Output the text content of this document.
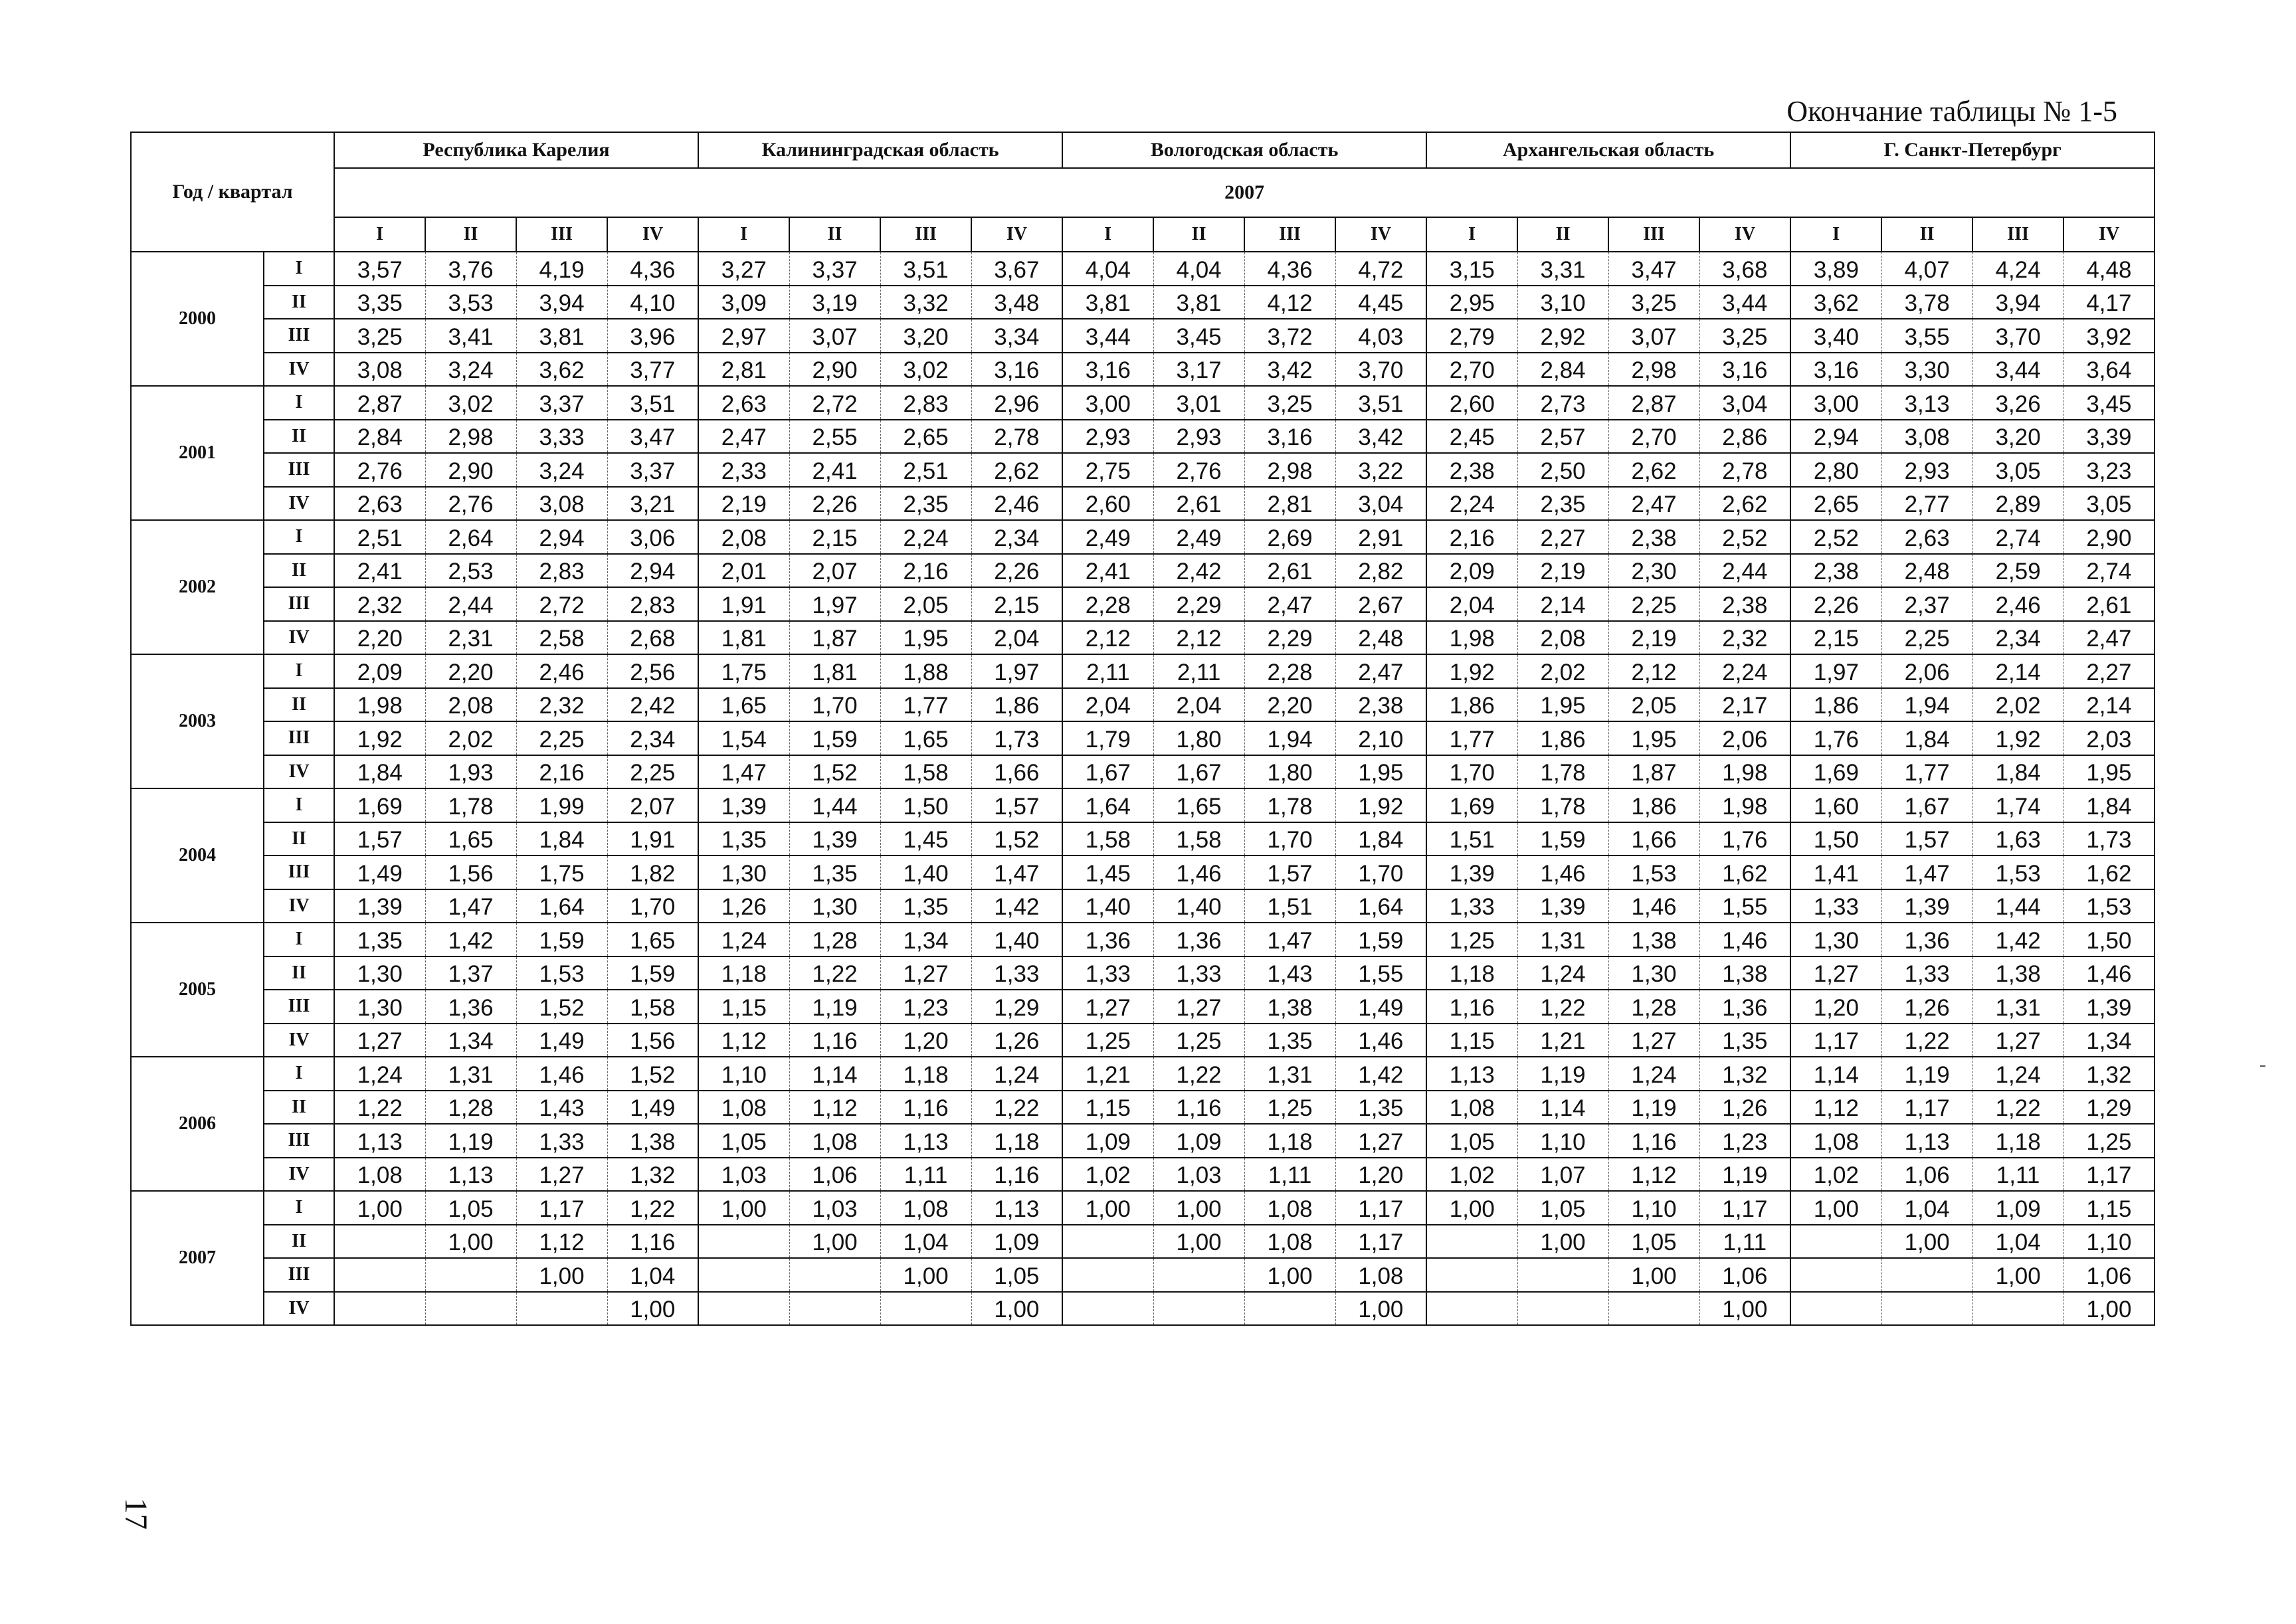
Окончание таблицы № 1-5
Год / квартал		Республика Карелия				Калининградская область				Вологодская область				Архангельская область				Г. Санкт-Петербург			
		2007																			
		I	II	III	IV	I	II	III	IV	I	II	III	IV	I	II	III	IV	I	II	III	IV
2000	I	3,57	3,76	4,19	4,36	3,27	3,37	3,51	3,67	4,04	4,04	4,36	4,72	3,15	3,31	3,47	3,68	3,89	4,07	4,24	4,48
	II	3,35	3,53	3,94	4,10	3,09	3,19	3,32	3,48	3,81	3,81	4,12	4,45	2,95	3,10	3,25	3,44	3,62	3,78	3,94	4,17
	III	3,25	3,41	3,81	3,96	2,97	3,07	3,20	3,34	3,44	3,45	3,72	4,03	2,79	2,92	3,07	3,25	3,40	3,55	3,70	3,92
	IV	3,08	3,24	3,62	3,77	2,81	2,90	3,02	3,16	3,16	3,17	3,42	3,70	2,70	2,84	2,98	3,16	3,16	3,30	3,44	3,64
2001	I	2,87	3,02	3,37	3,51	2,63	2,72	2,83	2,96	3,00	3,01	3,25	3,51	2,60	2,73	2,87	3,04	3,00	3,13	3,26	3,45
	II	2,84	2,98	3,33	3,47	2,47	2,55	2,65	2,78	2,93	2,93	3,16	3,42	2,45	2,57	2,70	2,86	2,94	3,08	3,20	3,39
	III	2,76	2,90	3,24	3,37	2,33	2,41	2,51	2,62	2,75	2,76	2,98	3,22	2,38	2,50	2,62	2,78	2,80	2,93	3,05	3,23
	IV	2,63	2,76	3,08	3,21	2,19	2,26	2,35	2,46	2,60	2,61	2,81	3,04	2,24	2,35	2,47	2,62	2,65	2,77	2,89	3,05
2002	I	2,51	2,64	2,94	3,06	2,08	2,15	2,24	2,34	2,49	2,49	2,69	2,91	2,16	2,27	2,38	2,52	2,52	2,63	2,74	2,90
	II	2,41	2,53	2,83	2,94	2,01	2,07	2,16	2,26	2,41	2,42	2,61	2,82	2,09	2,19	2,30	2,44	2,38	2,48	2,59	2,74
	III	2,32	2,44	2,72	2,83	1,91	1,97	2,05	2,15	2,28	2,29	2,47	2,67	2,04	2,14	2,25	2,38	2,26	2,37	2,46	2,61
	IV	2,20	2,31	2,58	2,68	1,81	1,87	1,95	2,04	2,12	2,12	2,29	2,48	1,98	2,08	2,19	2,32	2,15	2,25	2,34	2,47
2003	I	2,09	2,20	2,46	2,56	1,75	1,81	1,88	1,97	2,11	2,11	2,28	2,47	1,92	2,02	2,12	2,24	1,97	2,06	2,14	2,27
	II	1,98	2,08	2,32	2,42	1,65	1,70	1,77	1,86	2,04	2,04	2,20	2,38	1,86	1,95	2,05	2,17	1,86	1,94	2,02	2,14
	III	1,92	2,02	2,25	2,34	1,54	1,59	1,65	1,73	1,79	1,80	1,94	2,10	1,77	1,86	1,95	2,06	1,76	1,84	1,92	2,03
	IV	1,84	1,93	2,16	2,25	1,47	1,52	1,58	1,66	1,67	1,67	1,80	1,95	1,70	1,78	1,87	1,98	1,69	1,77	1,84	1,95
2004	I	1,69	1,78	1,99	2,07	1,39	1,44	1,50	1,57	1,64	1,65	1,78	1,92	1,69	1,78	1,86	1,98	1,60	1,67	1,74	1,84
	II	1,57	1,65	1,84	1,91	1,35	1,39	1,45	1,52	1,58	1,58	1,70	1,84	1,51	1,59	1,66	1,76	1,50	1,57	1,63	1,73
	III	1,49	1,56	1,75	1,82	1,30	1,35	1,40	1,47	1,45	1,46	1,57	1,70	1,39	1,46	1,53	1,62	1,41	1,47	1,53	1,62
	IV	1,39	1,47	1,64	1,70	1,26	1,30	1,35	1,42	1,40	1,40	1,51	1,64	1,33	1,39	1,46	1,55	1,33	1,39	1,44	1,53
2005	I	1,35	1,42	1,59	1,65	1,24	1,28	1,34	1,40	1,36	1,36	1,47	1,59	1,25	1,31	1,38	1,46	1,30	1,36	1,42	1,50
	II	1,30	1,37	1,53	1,59	1,18	1,22	1,27	1,33	1,33	1,33	1,43	1,55	1,18	1,24	1,30	1,38	1,27	1,33	1,38	1,46
	III	1,30	1,36	1,52	1,58	1,15	1,19	1,23	1,29	1,27	1,27	1,38	1,49	1,16	1,22	1,28	1,36	1,20	1,26	1,31	1,39
	IV	1,27	1,34	1,49	1,56	1,12	1,16	1,20	1,26	1,25	1,25	1,35	1,46	1,15	1,21	1,27	1,35	1,17	1,22	1,27	1,34
2006	I	1,24	1,31	1,46	1,52	1,10	1,14	1,18	1,24	1,21	1,22	1,31	1,42	1,13	1,19	1,24	1,32	1,14	1,19	1,24	1,32
	II	1,22	1,28	1,43	1,49	1,08	1,12	1,16	1,22	1,15	1,16	1,25	1,35	1,08	1,14	1,19	1,26	1,12	1,17	1,22	1,29
	III	1,13	1,19	1,33	1,38	1,05	1,08	1,13	1,18	1,09	1,09	1,18	1,27	1,05	1,10	1,16	1,23	1,08	1,13	1,18	1,25
	IV	1,08	1,13	1,27	1,32	1,03	1,06	1,11	1,16	1,02	1,03	1,11	1,20	1,02	1,07	1,12	1,19	1,02	1,06	1,11	1,17
2007	I	1,00	1,05	1,17	1,22	1,00	1,03	1,08	1,13	1,00	1,00	1,08	1,17	1,00	1,05	1,10	1,17	1,00	1,04	1,09	1,15
	II		1,00	1,12	1,16		1,00	1,04	1,09		1,00	1,08	1,17		1,00	1,05	1,11		1,00	1,04	1,10
	III			1,00	1,04			1,00	1,05			1,00	1,08			1,00	1,06			1,00	1,06
	IV				1,00				1,00				1,00				1,00				1,00
17
